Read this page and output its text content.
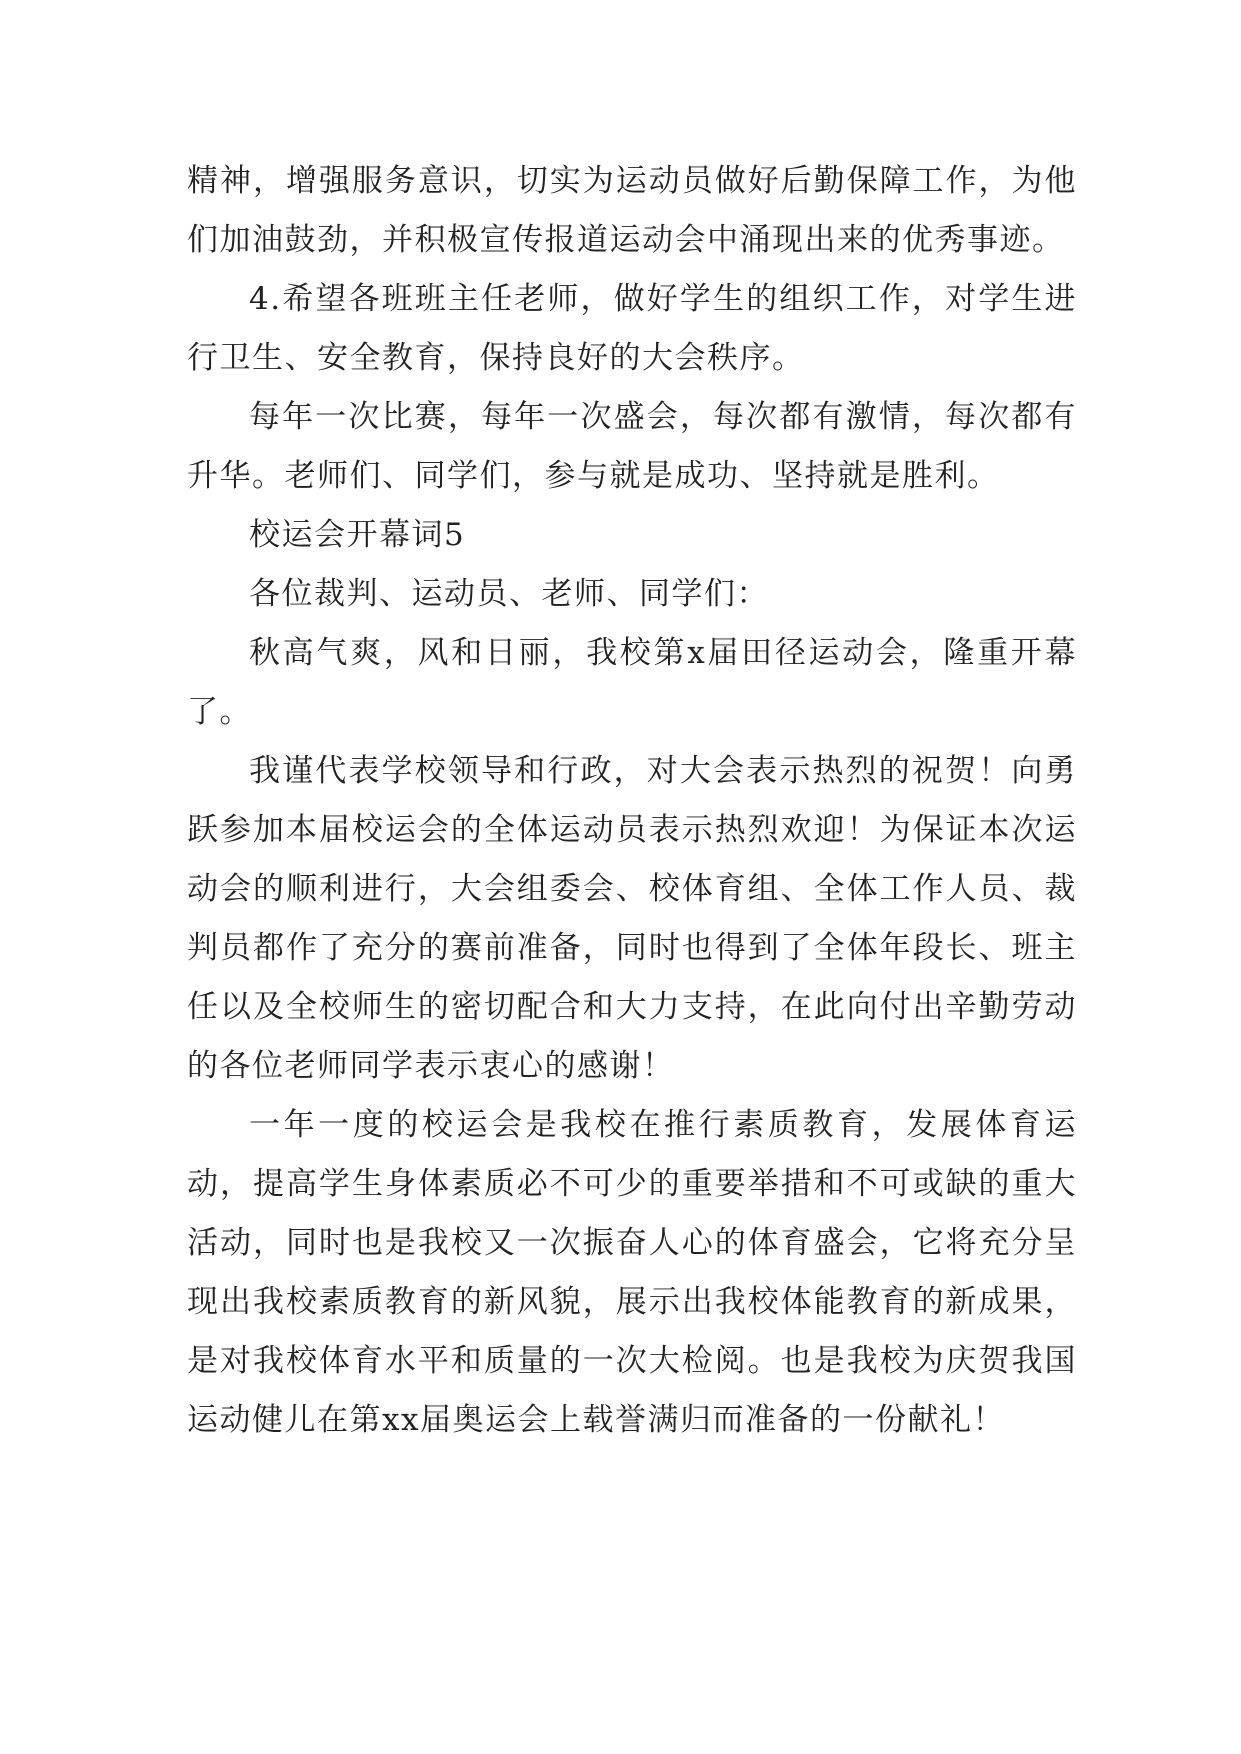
精神，增强服务意识，切实为运动员做好后勤保障工作，为他们加油鼓劲，并积极宣传报道运动会中涌现出来的优秀事迹。

4.希望各班班主任老师，做好学生的组织工作，对学生进行卫生、安全教育，保持良好的大会秩序。

每年一次比赛，每年一次盛会，每次都有激情，每次都有升华。老师们、同学们，参与就是成功、坚持就是胜利。

校运会开幕词5

各位裁判、运动员、老师、同学们：

秋高气爽，风和日丽，我校第x届田径运动会，隆重开幕了。

我谨代表学校领导和行政，对大会表示热烈的祝贺！向勇跃参加本届校运会的全体运动员表示热烈欢迎！为保证本次运动会的顺利进行，大会组委会、校体育组、全体工作人员、裁判员都作了充分的赛前准备，同时也得到了全体年段长、班主任以及全校师生的密切配合和大力支持，在此向付出辛勤劳动的各位老师同学表示衷心的感谢！

一年一度的校运会是我校在推行素质教育，发展体育运动，提高学生身体素质必不可少的重要举措和不可或缺的重大活动，同时也是我校又一次振奋人心的体育盛会，它将充分呈现出我校素质教育的新风貌，展示出我校体能教育的新成果，是对我校体育水平和质量的一次大检阅。也是我校为庆贺我国运动健儿在第xx届奥运会上载誉满归而准备的一份献礼！
